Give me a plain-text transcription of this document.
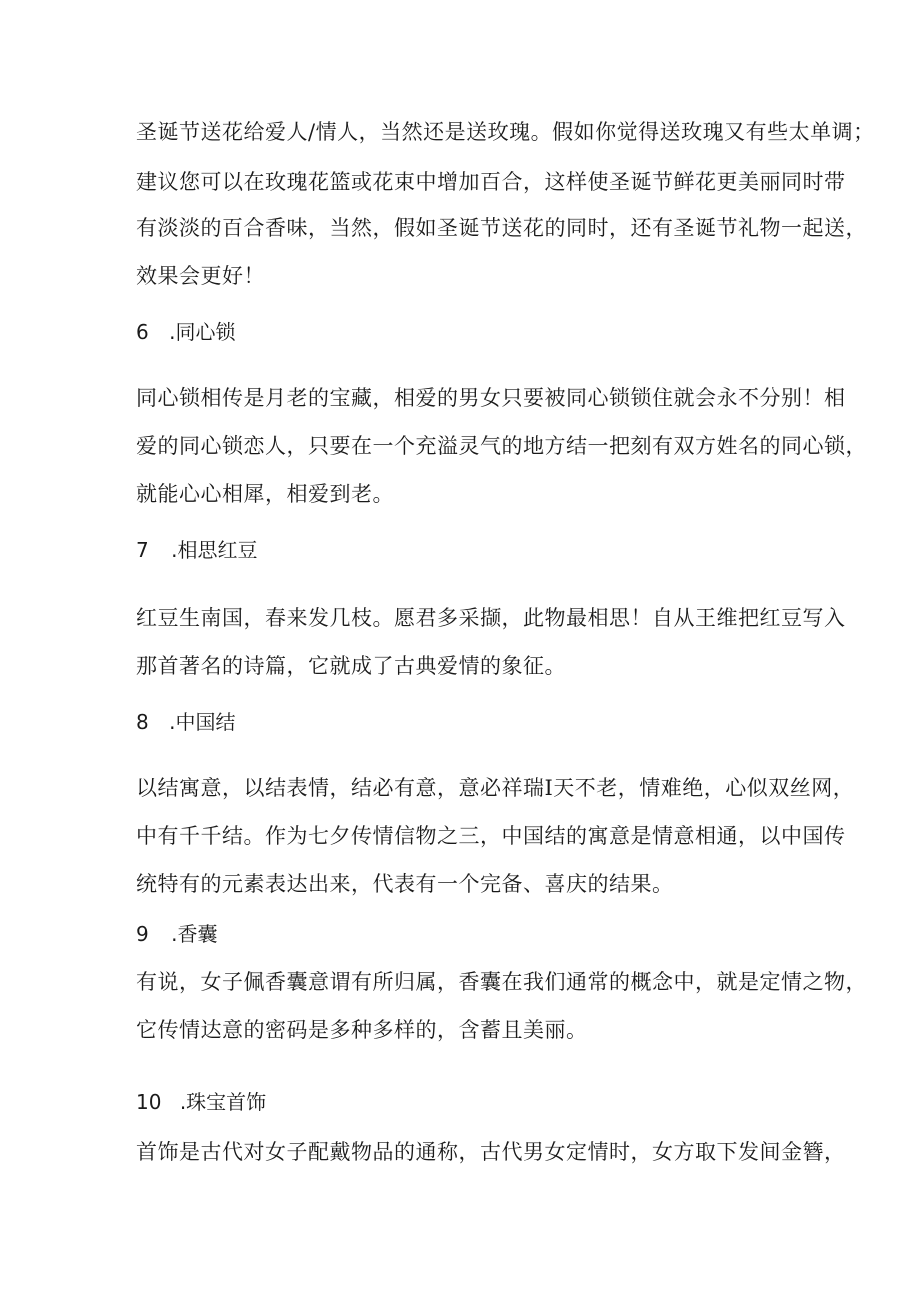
圣诞节送花给爱人/情人，当然还是送玫瑰。假如你觉得送玫瑰又有些太单调；
建议您可以在玫瑰花篮或花束中增加百合，这样使圣诞节鲜花更美丽同时带
有淡淡的百合香味，当然，假如圣诞节送花的同时，还有圣诞节礼物一起送，
效果会更好！
6 .同心锁
同心锁相传是月老的宝藏，相爱的男女只要被同心锁锁住就会永不分别！相
爱的同心锁恋人，只要在一个充溢灵气的地方结一把刻有双方姓名的同心锁，
就能心心相犀，相爱到老。
7 .相思红豆
红豆生南国，春来发几枝。愿君多采撷，此物最相思！自从王维把红豆写入
那首著名的诗篇，它就成了古典爱情的象征。
8 .中国结
以结寓意，以结表情，结必有意，意必祥瑞I天不老，情难绝，心似双丝网，
中有千千结。作为七夕传情信物之三，中国结的寓意是情意相通，以中国传
统特有的元素表达出来，代表有一个完备、喜庆的结果。
9 .香囊
有说，女子佩香囊意谓有所归属，香囊在我们通常的概念中，就是定情之物，
它传情达意的密码是多种多样的，含蓄且美丽。
10 .珠宝首饰
首饰是古代对女子配戴物品的通称，古代男女定情时，女方取下发间金簪，
